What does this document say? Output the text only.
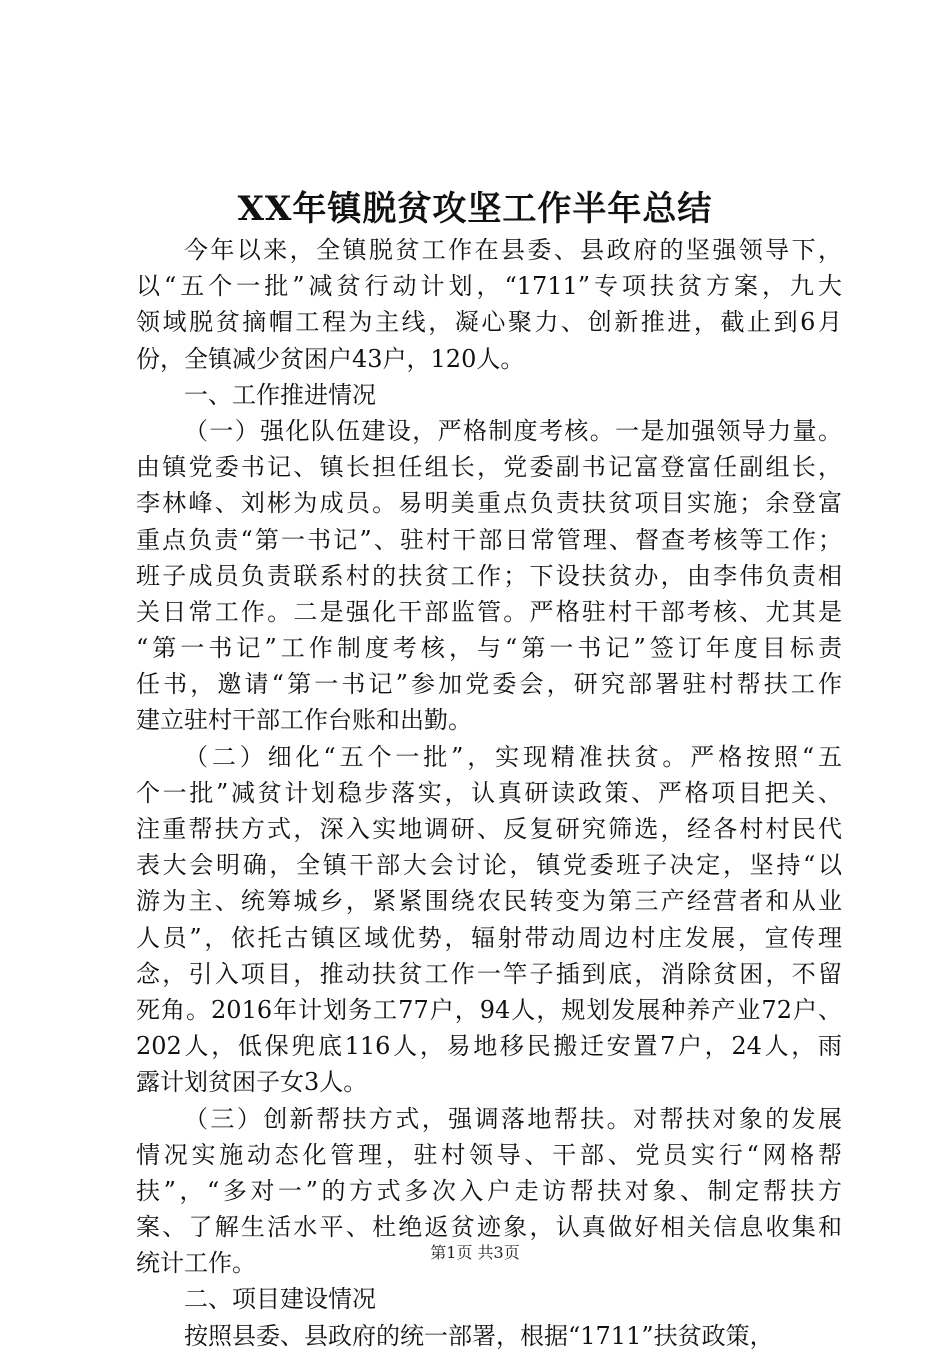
XX年镇脱贫攻坚工作半年总结
今年以来，全镇脱贫工作在县委、县政府的坚强领导下，
以“五个一批”减贫行动计划，“1711”专项扶贫方案，九大
领域脱贫摘帽工程为主线，凝心聚力、创新推进，截止到6月
份，全镇减少贫困户43户，120人。
一、工作推进情况
（一）强化队伍建设，严格制度考核。一是加强领导力量。
由镇党委书记、镇长担任组长，党委副书记富登富任副组长，
李林峰、刘彬为成员。易明美重点负责扶贫项目实施；余登富
重点负责“第一书记”、驻村干部日常管理、督查考核等工作；
班子成员负责联系村的扶贫工作；下设扶贫办，由李伟负责相
关日常工作。二是强化干部监管。严格驻村干部考核、尤其是
“第一书记”工作制度考核，与“第一书记”签订年度目标责
任书，邀请“第一书记”参加党委会，研究部署驻村帮扶工作
建立驻村干部工作台账和出勤。
（二）细化“五个一批”，实现精准扶贫。严格按照“五
个一批”减贫计划稳步落实，认真研读政策、严格项目把关、
注重帮扶方式，深入实地调研、反复研究筛选，经各村村民代
表大会明确，全镇干部大会讨论，镇党委班子决定，坚持“以
游为主、统筹城乡，紧紧围绕农民转变为第三产经营者和从业
人员”，依托古镇区域优势，辐射带动周边村庄发展，宣传理
念，引入项目，推动扶贫工作一竿子插到底，消除贫困，不留
死角。2016年计划务工77户，94人，规划发展种养产业72户、
202人，低保兜底116人，易地移民搬迁安置7户，24人，雨
露计划贫困子女3人。
（三）创新帮扶方式，强调落地帮扶。对帮扶对象的发展
情况实施动态化管理，驻村领导、干部、党员实行“网格帮
扶”，“多对一”的方式多次入户走访帮扶对象、制定帮扶方
案、了解生活水平、杜绝返贫迹象，认真做好相关信息收集和
统计工作。
二、项目建设情况
按照县委、县政府的统一部署，根据“1711”扶贫政策，
第1页 共3页
